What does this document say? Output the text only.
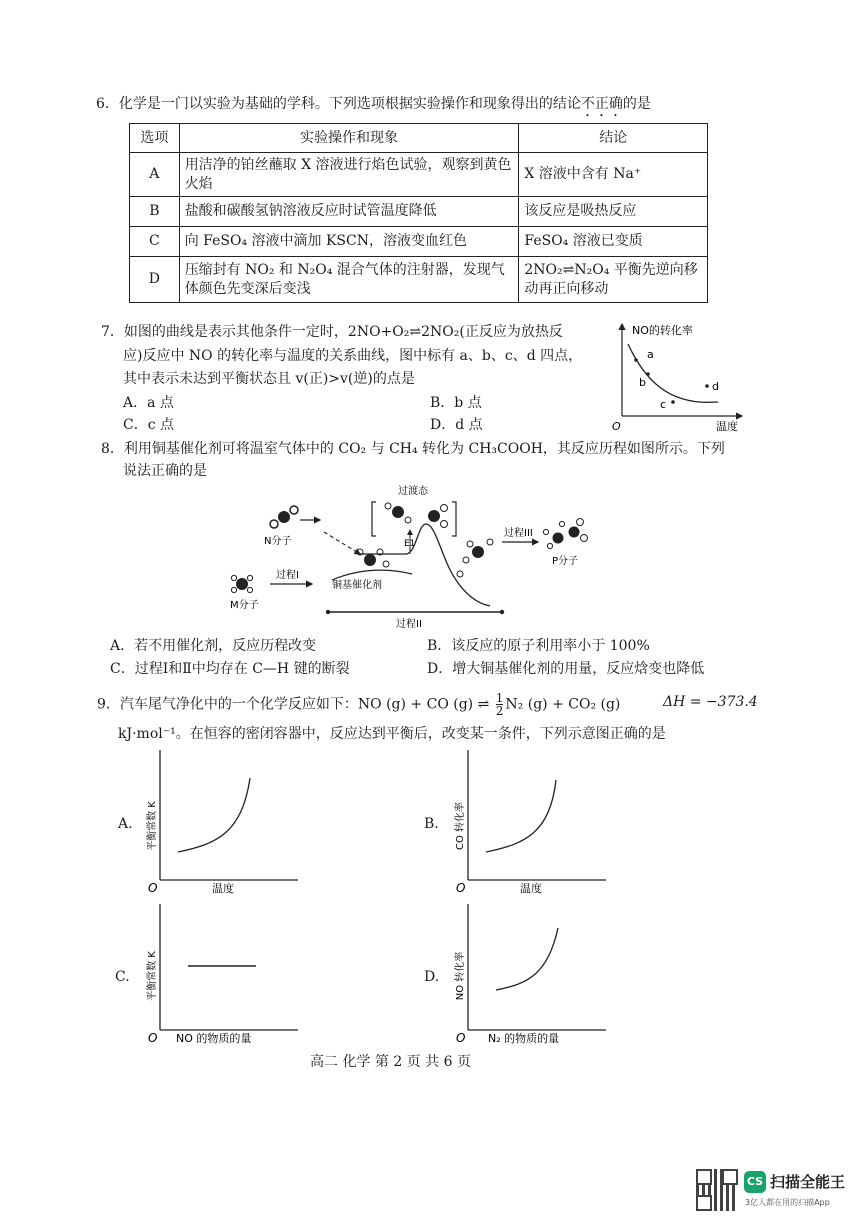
6．化学是一门以实验为基础的学科。下列选项根据实验操作和现象得出的结论不正确的是
选项	实验操作和现象	结论
A	用洁净的铂丝蘸取 X 溶液进行焰色试验，观察到黄色火焰	X 溶液中含有 Na⁺
B	盐酸和碳酸氢钠溶液反应时试管温度降低	该反应是吸热反应
C	向 FeSO₄ 溶液中滴加 KSCN，溶液变血红色	FeSO₄ 溶液已变质
D	压缩封有 NO₂ 和 N₂O₄ 混合气体的注射器，发现气体颜色先变深后变浅	2NO₂⇌N₂O₄ 平衡先逆向移动再正向移动
7．如图的曲线是表示其他条件一定时，2NO+O₂⇌2NO₂(正反应为放热反
应)反应中 NO 的转化率与温度的关系曲线，图中标有 a、b、c、d 四点，
其中表示未达到平衡状态且 v(正)>v(逆)的点是
A．a 点	B．b 点
C．c 点	D．d 点
NO的转化率
温度
O
a
b
c
d
8．利用铜基催化剂可将温室气体中的 CO₂ 与 CH₄ 转化为 CH₃COOH，其反应历程如图所示。下列
说法正确的是
N分子
M分子
过程I
铜基催化剂
E1
过渡态
过程III
P分子
过程II
A．若不用催化剂，反应历程改变	B．该反应的原子利用率小于 100%
C．过程Ⅰ和Ⅱ中均存在 C—H 键的断裂	D．增大铜基催化剂的用量，反应焓变也降低
9．汽车尾气净化中的一个化学反应如下：NO (g) + CO (g) ⇌ $\frac{1}{2} N_2$ (g) + CO₂ (g)	ΔH = −373.4
kJ·mol⁻¹。在恒容的密闭容器中，反应达到平衡后，改变某一条件，下列示意图正确的是
A. 平衡常数 K
温度
O
B. CO 转化率
温度
O
C. 平衡常数 K
NO 的物质的量
O
D. NO 转化率
N₂ 的物质的量
O
高二 化学 第 2 页 共 6 页
CS 扫描全能王
3亿人都在用的扫描App
